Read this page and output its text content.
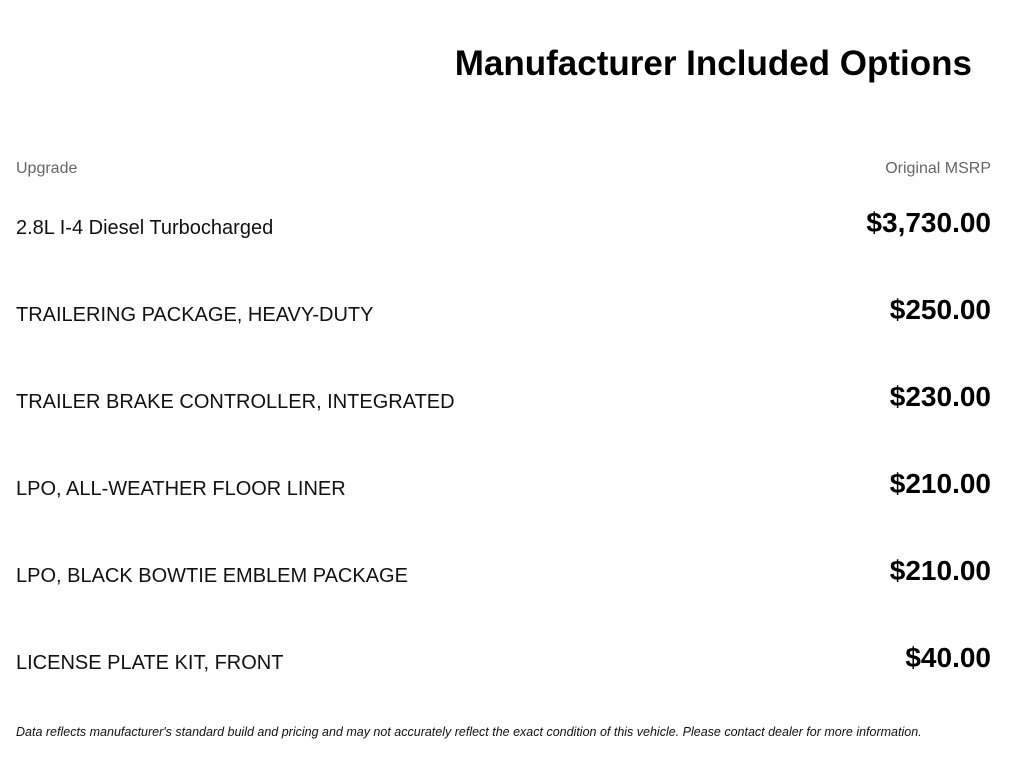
Manufacturer Included Options
Upgrade	Original MSRP
2.8L I-4 Diesel Turbocharged	$3,730.00
TRAILERING PACKAGE, HEAVY-DUTY	$250.00
TRAILER BRAKE CONTROLLER, INTEGRATED	$230.00
LPO, ALL-WEATHER FLOOR LINER	$210.00
LPO, BLACK BOWTIE EMBLEM PACKAGE	$210.00
LICENSE PLATE KIT, FRONT	$40.00

Data reflects manufacturer's standard build and pricing and may not accurately reflect the exact condition of this vehicle. Please contact dealer for more information.
